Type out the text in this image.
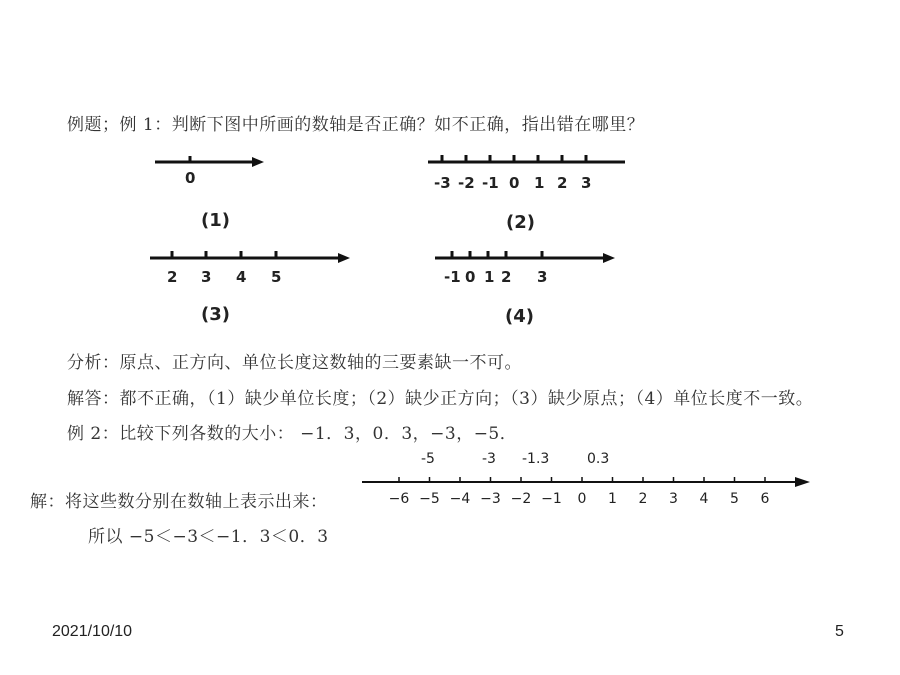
例题；例 1：判断下图中所画的数轴是否正确？如不正确，指出错在哪里？
0
(1)
-3 -2 -1 0 1 2 3
(2)
2 3 4 5
(3)
-1 0 1 2 3
(4)
−6 −5 −4 −3 −2 −1 0 1 2 3 4 5 6
-5	-3 -1.3	0.3
分析：原点、正方向、单位长度这数轴的三要素缺一不可。
解答：都不正确，（1）缺少单位长度；（2）缺少正方向；（3）缺少原点；（4）单位长度不一致。
例 2：比较下列各数的大小： −1．3，0．3，−3，−5．
解：将这些数分别在数轴上表示出来：
所以 −5＜−3＜−1．3＜0．3
2021/10/10	5
